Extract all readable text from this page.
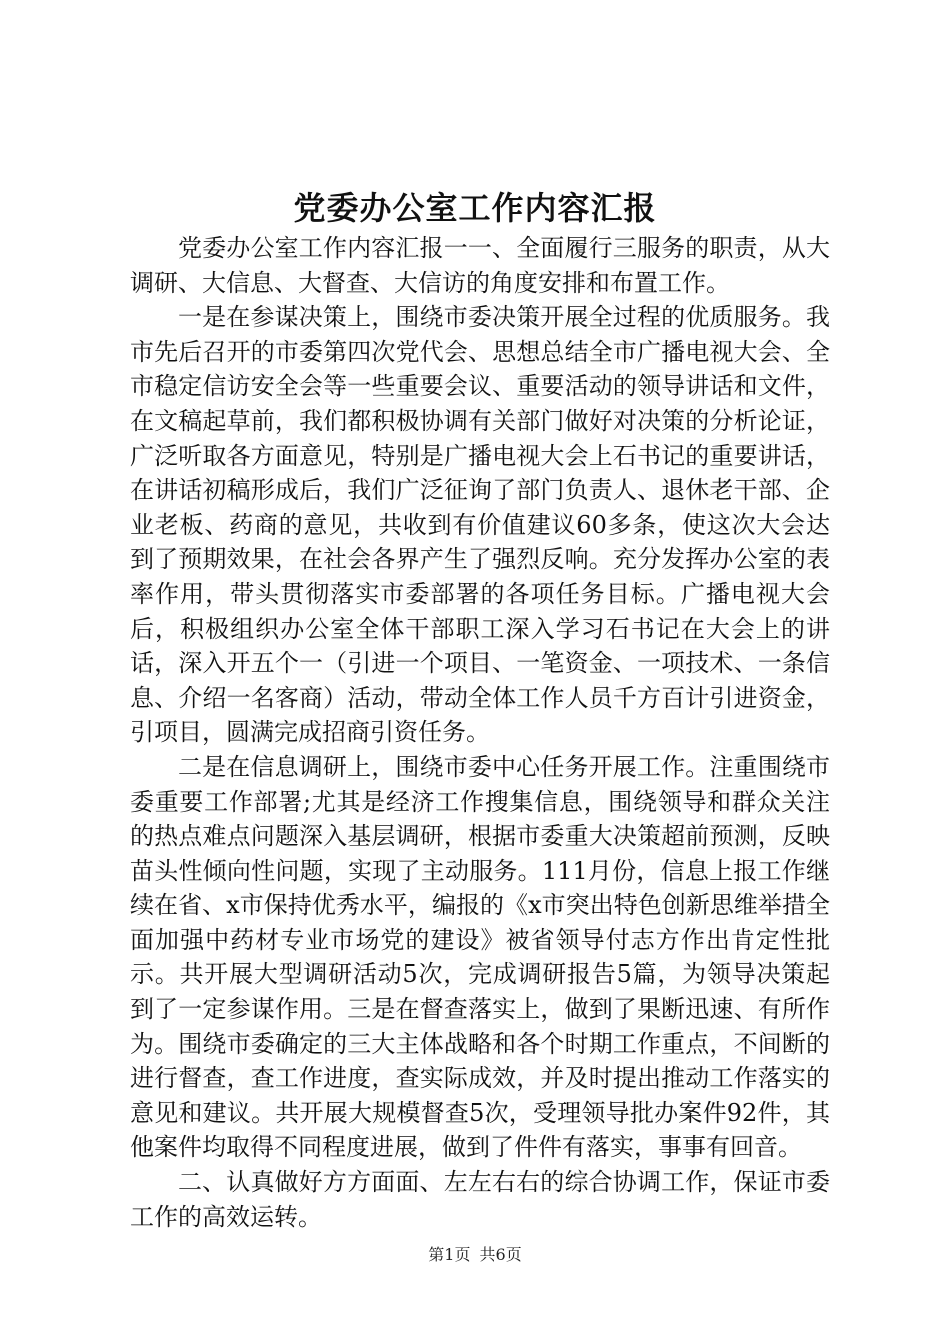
党委办公室工作内容汇报

党委办公室工作内容汇报一一、全面履行三服务的职责，从大调研、大信息、大督查、大信访的角度安排和布置工作。

一是在参谋决策上，围绕市委决策开展全过程的优质服务。我市先后召开的市委第四次党代会、思想总结全市广播电视大会、全市稳定信访安全会等一些重要会议、重要活动的领导讲话和文件，在文稿起草前，我们都积极协调有关部门做好对决策的分析论证，广泛听取各方面意见，特别是广播电视大会上石书记的重要讲话，在讲话初稿形成后，我们广泛征询了部门负责人、退休老干部、企业老板、药商的意见，共收到有价值建议60多条，使这次大会达到了预期效果，在社会各界产生了强烈反响。充分发挥办公室的表率作用，带头贯彻落实市委部署的各项任务目标。广播电视大会后，积极组织办公室全体干部职工深入学习石书记在大会上的讲话，深入开五个一（引进一个项目、一笔资金、一项技术、一条信息、介绍一名客商）活动，带动全体工作人员千方百计引进资金，引项目，圆满完成招商引资任务。

二是在信息调研上，围绕市委中心任务开展工作。注重围绕市委重要工作部署;尤其是经济工作搜集信息，围绕领导和群众关注的热点难点问题深入基层调研，根据市委重大决策超前预测，反映苗头性倾向性问题，实现了主动服务。111月份，信息上报工作继续在省、x市保持优秀水平，编报的《x市突出特色创新思维举措全面加强中药材专业市场党的建设》被省领导付志方作出肯定性批示。共开展大型调研活动5次，完成调研报告5篇，为领导决策起到了一定参谋作用。三是在督查落实上，做到了果断迅速、有所作为。围绕市委确定的三大主体战略和各个时期工作重点，不间断的进行督查，查工作进度，查实际成效，并及时提出推动工作落实的意见和建议。共开展大规模督查5次，受理领导批办案件92件，其他案件均取得不同程度进展，做到了件件有落实，事事有回音。

二、认真做好方方面面、左左右右的综合协调工作，保证市委工作的高效运转。

第1页 共6页
